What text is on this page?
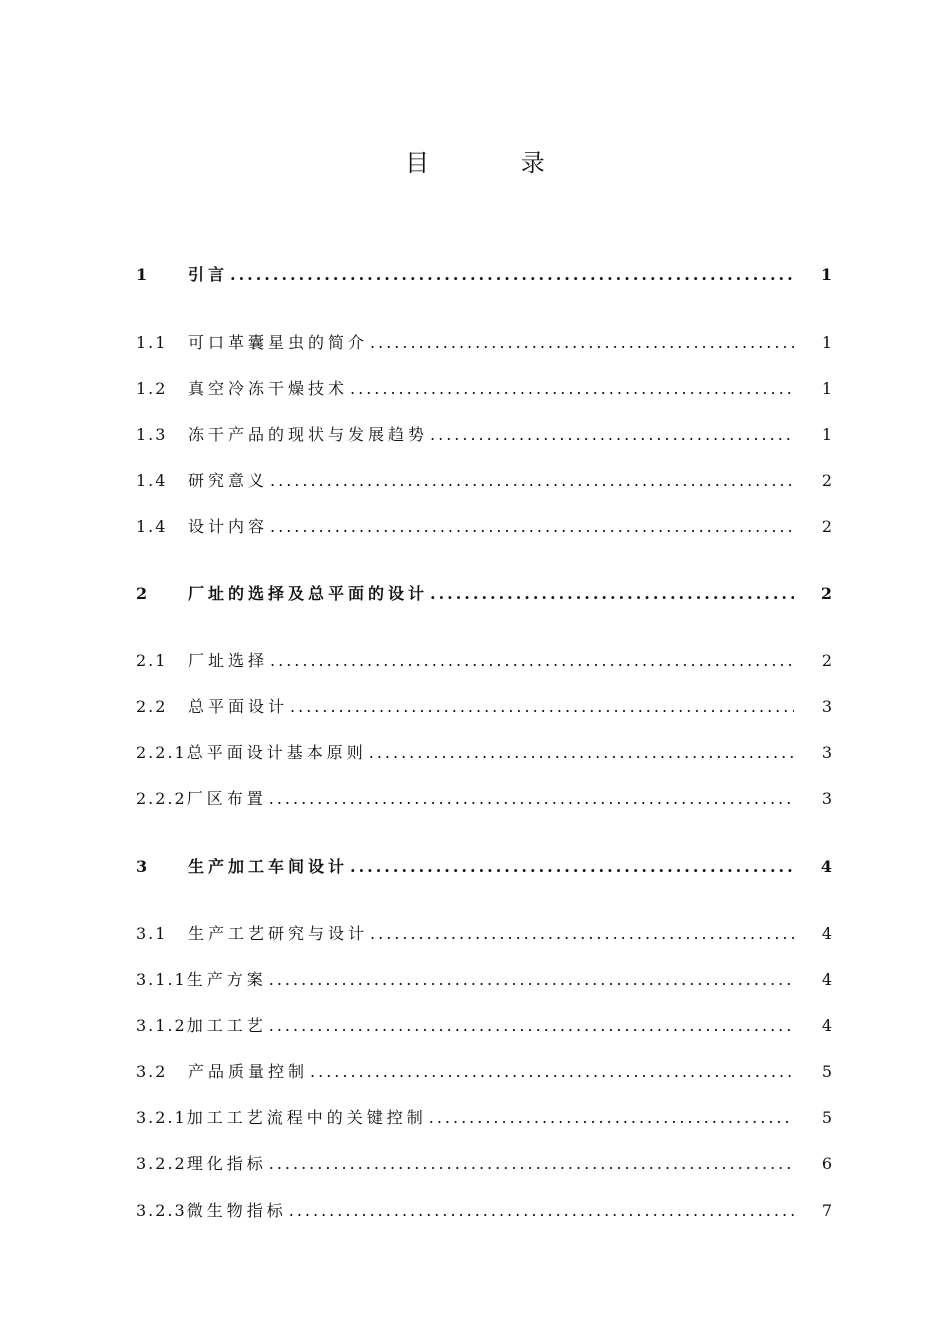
目 录
1	引言 .....	1
1.1	可口革囊星虫的简介 .....	1
1.2	真空冷冻干燥技术 .....	1
1.3	冻干产品的现状与发展趋势 .....	1
1.4	研究意义 .....	2
1.4	设计内容 .....	2
2	厂址的选择及总平面的设计 .....	2
2.1	厂址选择 .....	2
2.2	总平面设计 .....	3
2.2.1 总平面设计基本原则 .....	3
2.2.2 厂区布置 .....	3
3	生产加工车间设计 .....	4
3.1	生产工艺研究与设计 .....	4
3.1.1 生产方案 .....	4
3.1.2 加工工艺 .....	4
3.2	产品质量控制 .....	5
3.2.1 加工工艺流程中的关键控制 .....	5
3.2.2 理化指标 .....	6
3.2.3 微生物指标 .....	7
